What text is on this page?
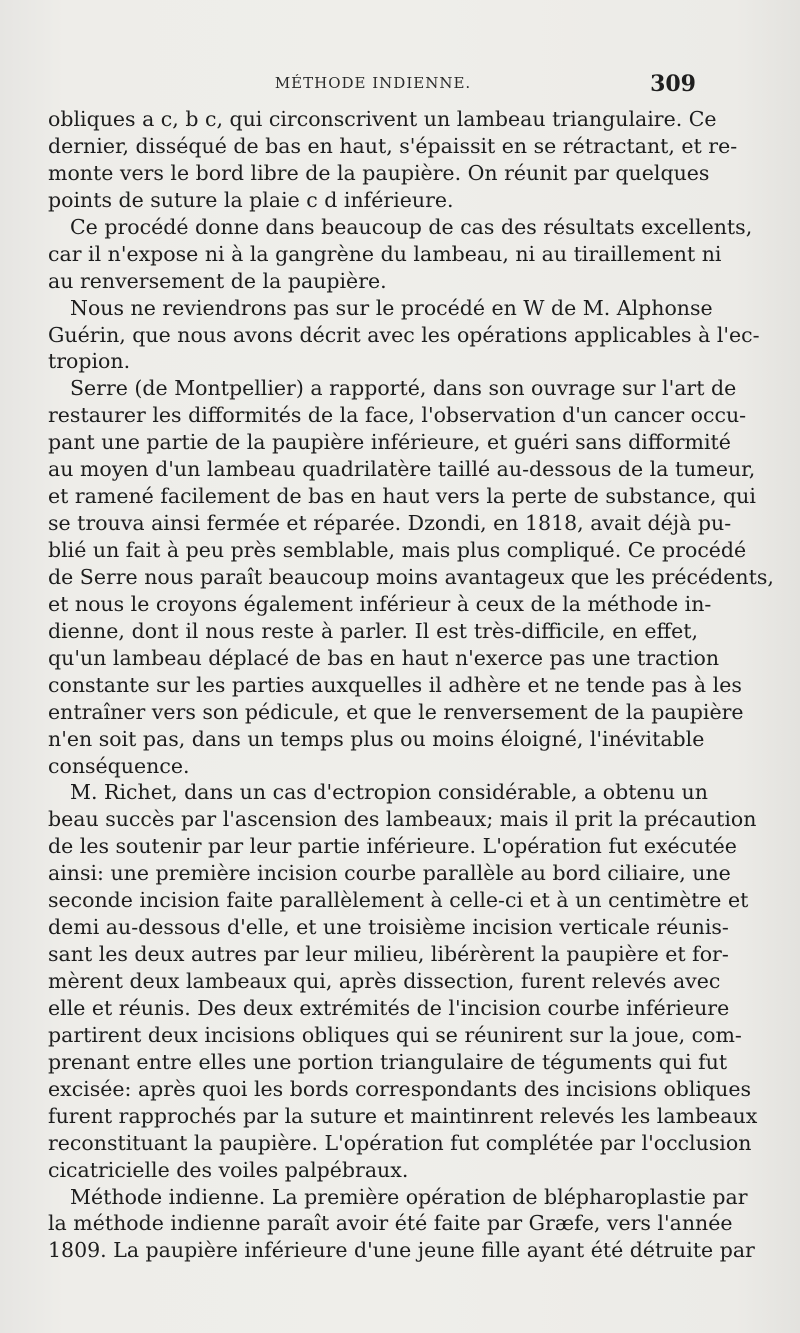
MÉTHODE INDIENNE.	309
obliques a c, b c, qui circonscrivent un lambeau triangulaire. Ce
dernier, disséqué de bas en haut, s'épaissit en se rétractant, et re-
monte vers le bord libre de la paupière. On réunit par quelques
points de suture la plaie c d inférieure.
Ce procédé donne dans beaucoup de cas des résultats excellents,
car il n'expose ni à la gangrène du lambeau, ni au tiraillement ni
au renversement de la paupière.
Nous ne reviendrons pas sur le procédé en W de M. Alphonse
Guérin, que nous avons décrit avec les opérations applicables à l'ec-
tropion.
Serre (de Montpellier) a rapporté, dans son ouvrage sur l'art de
restaurer les difformités de la face, l'observation d'un cancer occu-
pant une partie de la paupière inférieure, et guéri sans difformité
au moyen d'un lambeau quadrilatère taillé au-dessous de la tumeur,
et ramené facilement de bas en haut vers la perte de substance, qui
se trouva ainsi fermée et réparée. Dzondi, en 1818, avait déjà pu-
blié un fait à peu près semblable, mais plus compliqué. Ce procédé
de Serre nous paraît beaucoup moins avantageux que les précédents,
et nous le croyons également inférieur à ceux de la méthode in-
dienne, dont il nous reste à parler. Il est très-difficile, en effet,
qu'un lambeau déplacé de bas en haut n'exerce pas une traction
constante sur les parties auxquelles il adhère et ne tende pas à les
entraîner vers son pédicule, et que le renversement de la paupière
n'en soit pas, dans un temps plus ou moins éloigné, l'inévitable
conséquence.
M. Richet, dans un cas d'ectropion considérable, a obtenu un
beau succès par l'ascension des lambeaux; mais il prit la précaution
de les soutenir par leur partie inférieure. L'opération fut exécutée
ainsi: une première incision courbe parallèle au bord ciliaire, une
seconde incision faite parallèlement à celle-ci et à un centimètre et
demi au-dessous d'elle, et une troisième incision verticale réunis-
sant les deux autres par leur milieu, libérèrent la paupière et for-
mèrent deux lambeaux qui, après dissection, furent relevés avec
elle et réunis. Des deux extrémités de l'incision courbe inférieure
partirent deux incisions obliques qui se réunirent sur la joue, com-
prenant entre elles une portion triangulaire de téguments qui fut
excisée: après quoi les bords correspondants des incisions obliques
furent rapprochés par la suture et maintinrent relevés les lambeaux
reconstituant la paupière. L'opération fut complétée par l'occlusion
cicatricielle des voiles palpébraux.
Méthode indienne. La première opération de blépharoplastie par
la méthode indienne paraît avoir été faite par Græfe, vers l'année
1809. La paupière inférieure d'une jeune fille ayant été détruite par
